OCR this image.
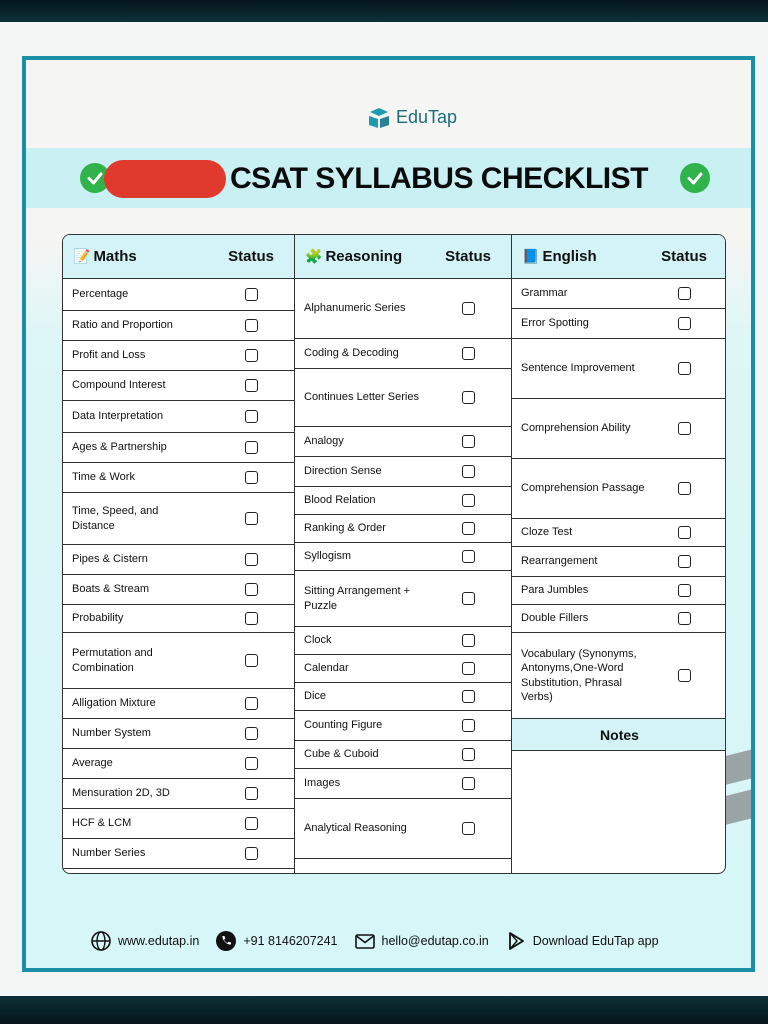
EduTap
CSAT SYLLABUS CHECKLIST
📝 Maths	Status
Percentage
Ratio and Proportion
Profit and Loss
Compound Interest
Data Interpretation
Ages & Partnership
Time & Work
Time, Speed, and Distance
Pipes & Cistern
Boats & Stream
Probability
Permutation and Combination
Alligation Mixture
Number System
Average
Mensuration 2D, 3D
HCF & LCM
Number Series
🧩 Reasoning	Status
Alphanumeric Series
Coding & Decoding
Continues Letter Series
Analogy
Direction Sense
Blood Relation
Ranking & Order
Syllogism
Sitting Arrangement + Puzzle
Clock
Calendar
Dice
Counting Figure
Cube & Cuboid
Images
Analytical Reasoning
📘 English	Status
Grammar
Error Spotting
Sentence Improvement
Comprehension Ability
Comprehension Passage
Cloze Test
Rearrangement
Para Jumbles
Double Fillers
Vocabulary (Synonyms, Antonyms,One-Word Substitution, Phrasal Verbs)
Notes
www.edutap.in	+91 8146207241	hello@edutap.co.in	Download EduTap app
